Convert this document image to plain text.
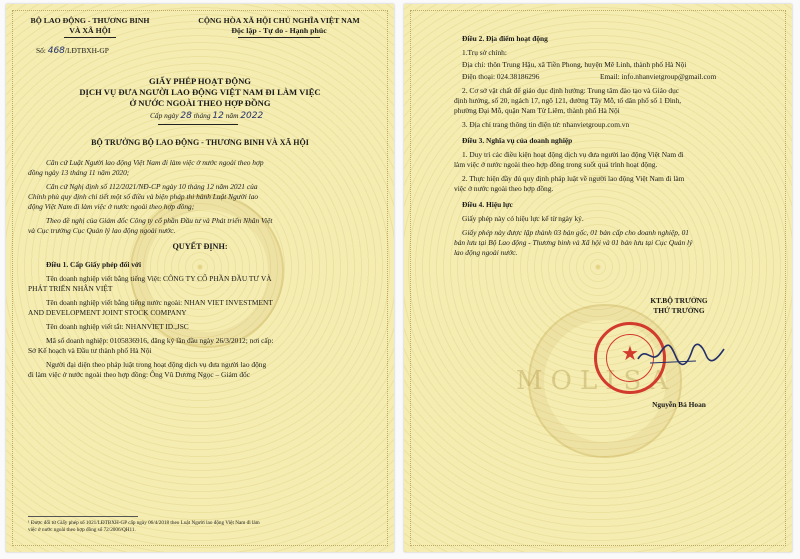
BỘ LAO ĐỘNG - THƯƠNG BINH
VÀ XÃ HỘI
CỘNG HÒA XÃ HỘI CHỦ NGHĨA VIỆT NAM
Độc lập - Tự do - Hạnh phúc
Số: 468/LĐTBXH-GP
GIẤY PHÉP HOẠT ĐỘNG
DỊCH VỤ ĐƯA NGƯỜI LAO ĐỘNG VIỆT NAM ĐI LÀM VIỆC
Ở NƯỚC NGOÀI THEO HỢP ĐỒNG
Cấp ngày 28 tháng 12 năm 2022
BỘ TRƯỞNG BỘ LAO ĐỘNG - THƯƠNG BINH VÀ XÃ HỘI
Căn cứ Luật Người lao động Việt Nam đi làm việc ở nước ngoài theo hợp
đồng ngày 13 tháng 11 năm 2020;
Căn cứ Nghị định số 112/2021/NĐ-CP ngày 10 tháng 12 năm 2021 của
Chính phủ quy định chi tiết một số điều và biện pháp thi hành Luật Người lao
động Việt Nam đi làm việc ở nước ngoài theo hợp đồng;
Theo đề nghị của Giám đốc Công ty cổ phần Đầu tư và Phát triển Nhân Việt
và Cục trưởng Cục Quản lý lao động ngoài nước.
QUYẾT ĐỊNH:
Điều 1. Cấp Giấy phép đối với
Tên doanh nghiệp viết bằng tiếng Việt: CÔNG TY CỔ PHẦN ĐẦU TƯ VÀ
PHÁT TRIỂN NHÂN VIỆT
Tên doanh nghiệp viết bằng tiếng nước ngoài: NHAN VIET INVESTMENT
AND DEVELOPMENT JOINT STOCK COMPANY
Tên doanh nghiệp viết tắt: NHANVIET ID.,JSC
Mã số doanh nghiệp: 0105836916, đăng ký lần đầu ngày 26/3/2012; nơi cấp:
Sở Kế hoạch và Đầu tư thành phố Hà Nội
Người đại diện theo pháp luật trong hoạt động dịch vụ đưa người lao động
đi làm việc ở nước ngoài theo hợp đồng: Ông Vũ Dương Ngọc – Giám đốc
¹ Được đổi từ Giấy phép số 1021/LĐTBXH-GP cấp ngày 06/4/2018 theo Luật Người lao động Việt Nam đi làm
việc ở nước ngoài theo hợp đồng số 72/2006/QH11.
MOLISA
Điều 2. Địa điểm hoạt động
1.Trụ sở chính:
Địa chỉ: thôn Trung Hậu, xã Tiền Phong, huyện Mê Linh, thành phố Hà Nội
Điện thoại: 024.38186296	Email: info.nhanvietgroup@gmail.com
2. Cơ sở vật chất để giáo dục định hướng: Trung tâm đào tạo và Giáo dục
định hướng, số 20, ngách 17, ngõ 121, đường Tây Mỗ, tổ dân phố số 1 Đình,
phường Đại Mỗ, quận Nam Từ Liêm, thành phố Hà Nội
3. Địa chỉ trang thông tin điện tử: nhanvietgroup.com.vn
Điều 3. Nghĩa vụ của doanh nghiệp
1. Duy trì các điều kiện hoạt động dịch vụ đưa người lao động Việt Nam đi
làm việc ở nước ngoài theo hợp đồng trong suốt quá trình hoạt động.
2. Thực hiện đầy đủ quy định pháp luật về người lao động Việt Nam đi làm
việc ở nước ngoài theo hợp đồng.
Điều 4. Hiệu lực
Giấy phép này có hiệu lực kể từ ngày ký.
Giấy phép này được lập thành 03 bản gốc, 01 bản cấp cho doanh nghiệp, 01
bản lưu tại Bộ Lao động - Thương binh và Xã hội và 01 bản lưu tại Cục Quản lý
lao động ngoài nước.
KT.BỘ TRƯỞNG
THỨ TRƯỞNG
★
Nguyễn Bá Hoan
